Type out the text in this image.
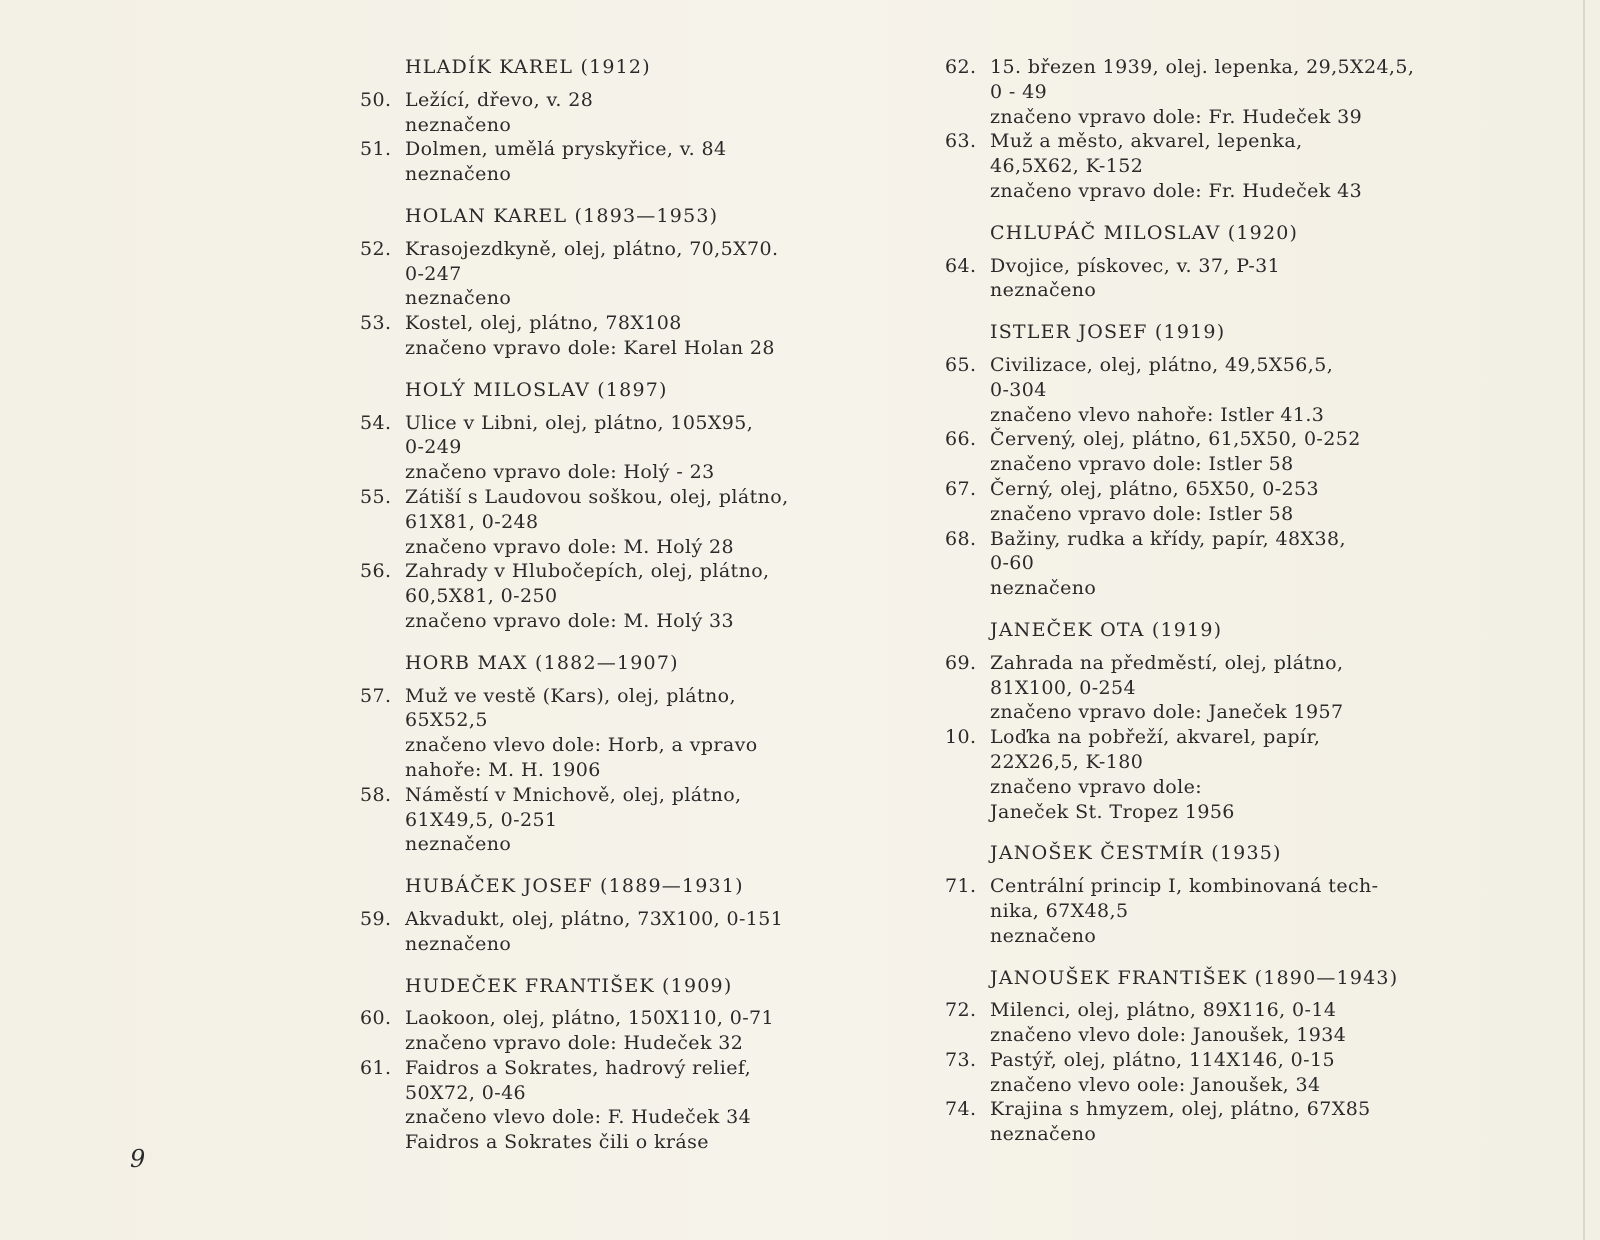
HLADÍK KAREL (1912)
50. Ležící, dřevo, v. 28
neznačeno
51. Dolmen, umělá pryskyřice, v. 84
neznačeno
HOLAN KAREL (1893—1953)
52. Krasojezdkyně, olej, plátno, 70,5X70.
0-247
neznačeno
53. Kostel, olej, plátno, 78X108
značeno vpravo dole: Karel Holan 28
HOLÝ MILOSLAV (1897)
54. Ulice v Libni, olej, plátno, 105X95,
0-249
značeno vpravo dole: Holý - 23
55. Zátiší s Laudovou soškou, olej, plátno,
61X81, 0-248
značeno vpravo dole: M. Holý 28
56. Zahrady v Hlubočepích, olej, plátno,
60,5X81, 0-250
značeno vpravo dole: M. Holý 33
HORB MAX (1882—1907)
57. Muž ve vestě (Kars), olej, plátno,
65X52,5
značeno vlevo dole: Horb, a vpravo
nahoře: M. H. 1906
58. Náměstí v Mnichově, olej, plátno,
61X49,5, 0-251
neznačeno
HUBÁČEK JOSEF (1889—1931)
59. Akvadukt, olej, plátno, 73X100, 0-151
neznačeno
HUDEČEK FRANTIŠEK (1909)
60. Laokoon, olej, plátno, 150X110, 0-71
značeno vpravo dole: Hudeček 32
61. Faidros a Sokrates, hadrový relief,
50X72, 0-46
značeno vlevo dole: F. Hudeček 34
Faidros a Sokrates čili o kráse
62. 15. březen 1939, olej. lepenka, 29,5X24,5,
0 - 49
značeno vpravo dole: Fr. Hudeček 39
63. Muž a město, akvarel, lepenka,
46,5X62, K-152
značeno vpravo dole: Fr. Hudeček 43
CHLUPÁČ MILOSLAV (1920)
64. Dvojice, pískovec, v. 37, P-31
neznačeno
ISTLER JOSEF (1919)
65. Civilizace, olej, plátno, 49,5X56,5,
0-304
značeno vlevo nahoře: Istler 41.3
66. Červený, olej, plátno, 61,5X50, 0-252
značeno vpravo dole: Istler 58
67. Černý, olej, plátno, 65X50, 0-253
značeno vpravo dole: Istler 58
68. Bažiny, rudka a křídy, papír, 48X38,
0-60
neznačeno
JANEČEK OTA (1919)
69. Zahrada na předměstí, olej, plátno,
81X100, 0-254
značeno vpravo dole: Janeček 1957
10. Loďka na pobřeží, akvarel, papír,
22X26,5, K-180
značeno vpravo dole:
Janeček St. Tropez 1956
JANOŠEK ČESTMÍR (1935)
71. Centrální princip I, kombinovaná tech-
nika, 67X48,5
neznačeno
JANOUŠEK FRANTIŠEK (1890—1943)
72. Milenci, olej, plátno, 89X116, 0-14
značeno vlevo dole: Janoušek, 1934
73. Pastýř, olej, plátno, 114X146, 0-15
značeno vlevo oole: Janoušek, 34
74. Krajina s hmyzem, olej, plátno, 67X85
neznačeno
9
